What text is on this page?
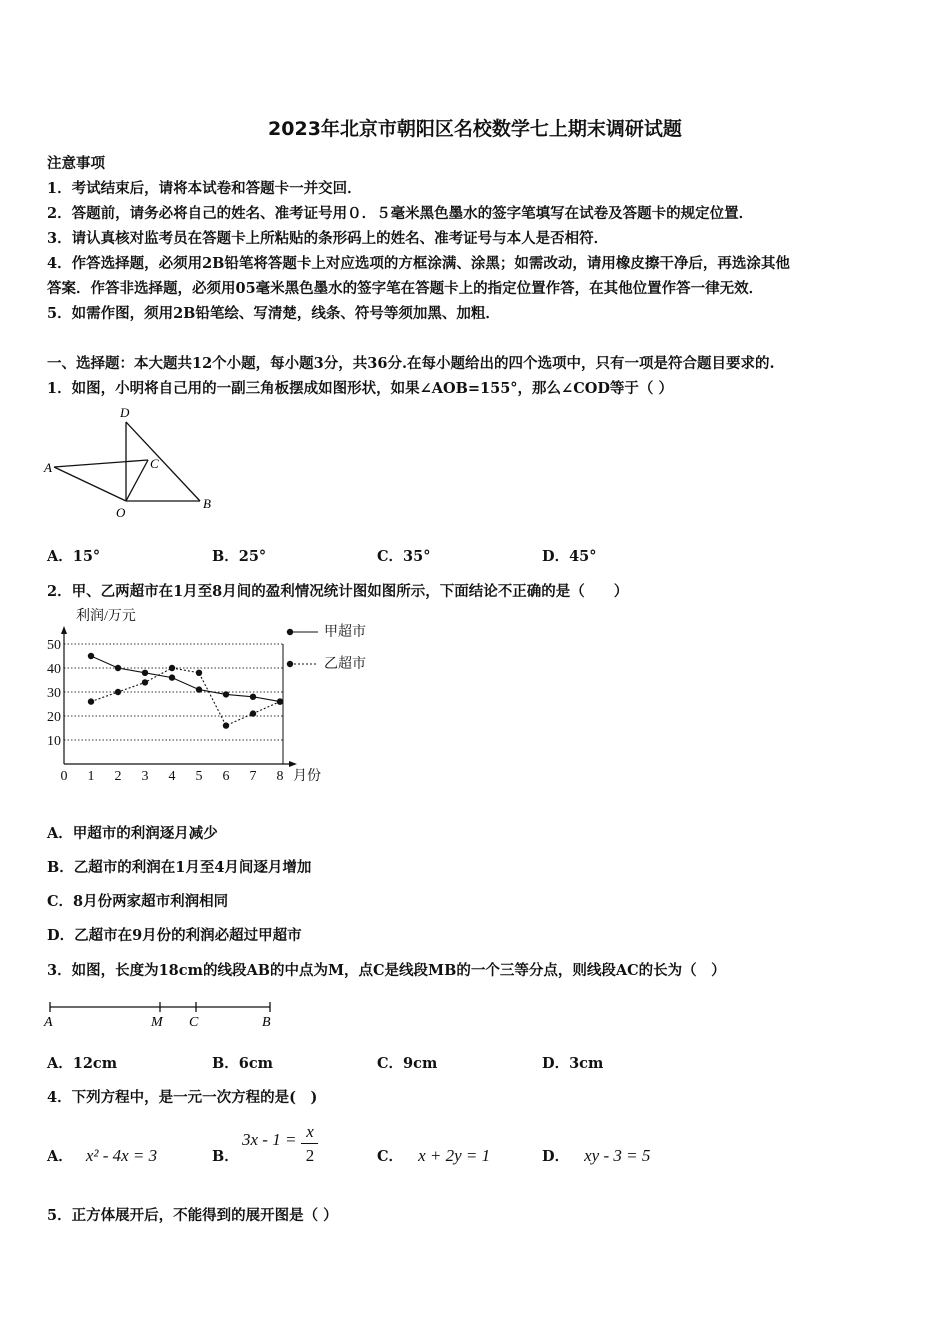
2023年北京市朝阳区名校数学七上期末调研试题
注意事项
1．考试结束后，请将本试卷和答题卡一并交回．
2．答题前，请务必将自己的姓名、准考证号用０．５毫米黑色墨水的签字笔填写在试卷及答题卡的规定位置．
3．请认真核对监考员在答题卡上所粘贴的条形码上的姓名、准考证号与本人是否相符．
4．作答选择题，必须用2B铅笔将答题卡上对应选项的方框涂满、涂黑；如需改动，请用橡皮擦干净后，再选涂其他
答案．作答非选择题，必须用05毫米黑色墨水的签字笔在答题卡上的指定位置作答，在其他位置作答一律无效．
5．如需作图，须用2B铅笔绘、写清楚，线条、符号等须加黑、加粗．
一、选择题：本大题共12个小题，每小题3分，共36分.在每小题给出的四个选项中，只有一项是符合题目要求的.
1．如图，小明将自己用的一副三角板摆成如图形状，如果∠AOB=155°，那么∠COD等于（ ）
D
A	C
O
B
A．15°	B．25°	C．35°	D．45°
2．甲、乙两超市在1月至8月间的盈利情况统计图如图所示，下面结论不正确的是（　　）
10
20
30
40
50
0 1 2 3 4 5 6 7 8
利润/万元
月份
甲超市
乙超市
A．甲超市的利润逐月减少
B．乙超市的利润在1月至4月间逐月增加
C．8月份两家超市利润相同
D．乙超市在9月份的利润必超过甲超市
3．如图，长度为18cm的线段AB的中点为M，点C是线段MB的一个三等分点，则线段AC的长为（　）
A	M C	B
A．12cm	B．6cm	C．9cm	D．3cm
4．下列方程中，是一元一次方程的是(　)
A． x² - 4x = 3	B．
3x - 1 = x
2	C． x + 2y = 1	D． xy - 3 = 5
5．正方体展开后，不能得到的展开图是（ ）
